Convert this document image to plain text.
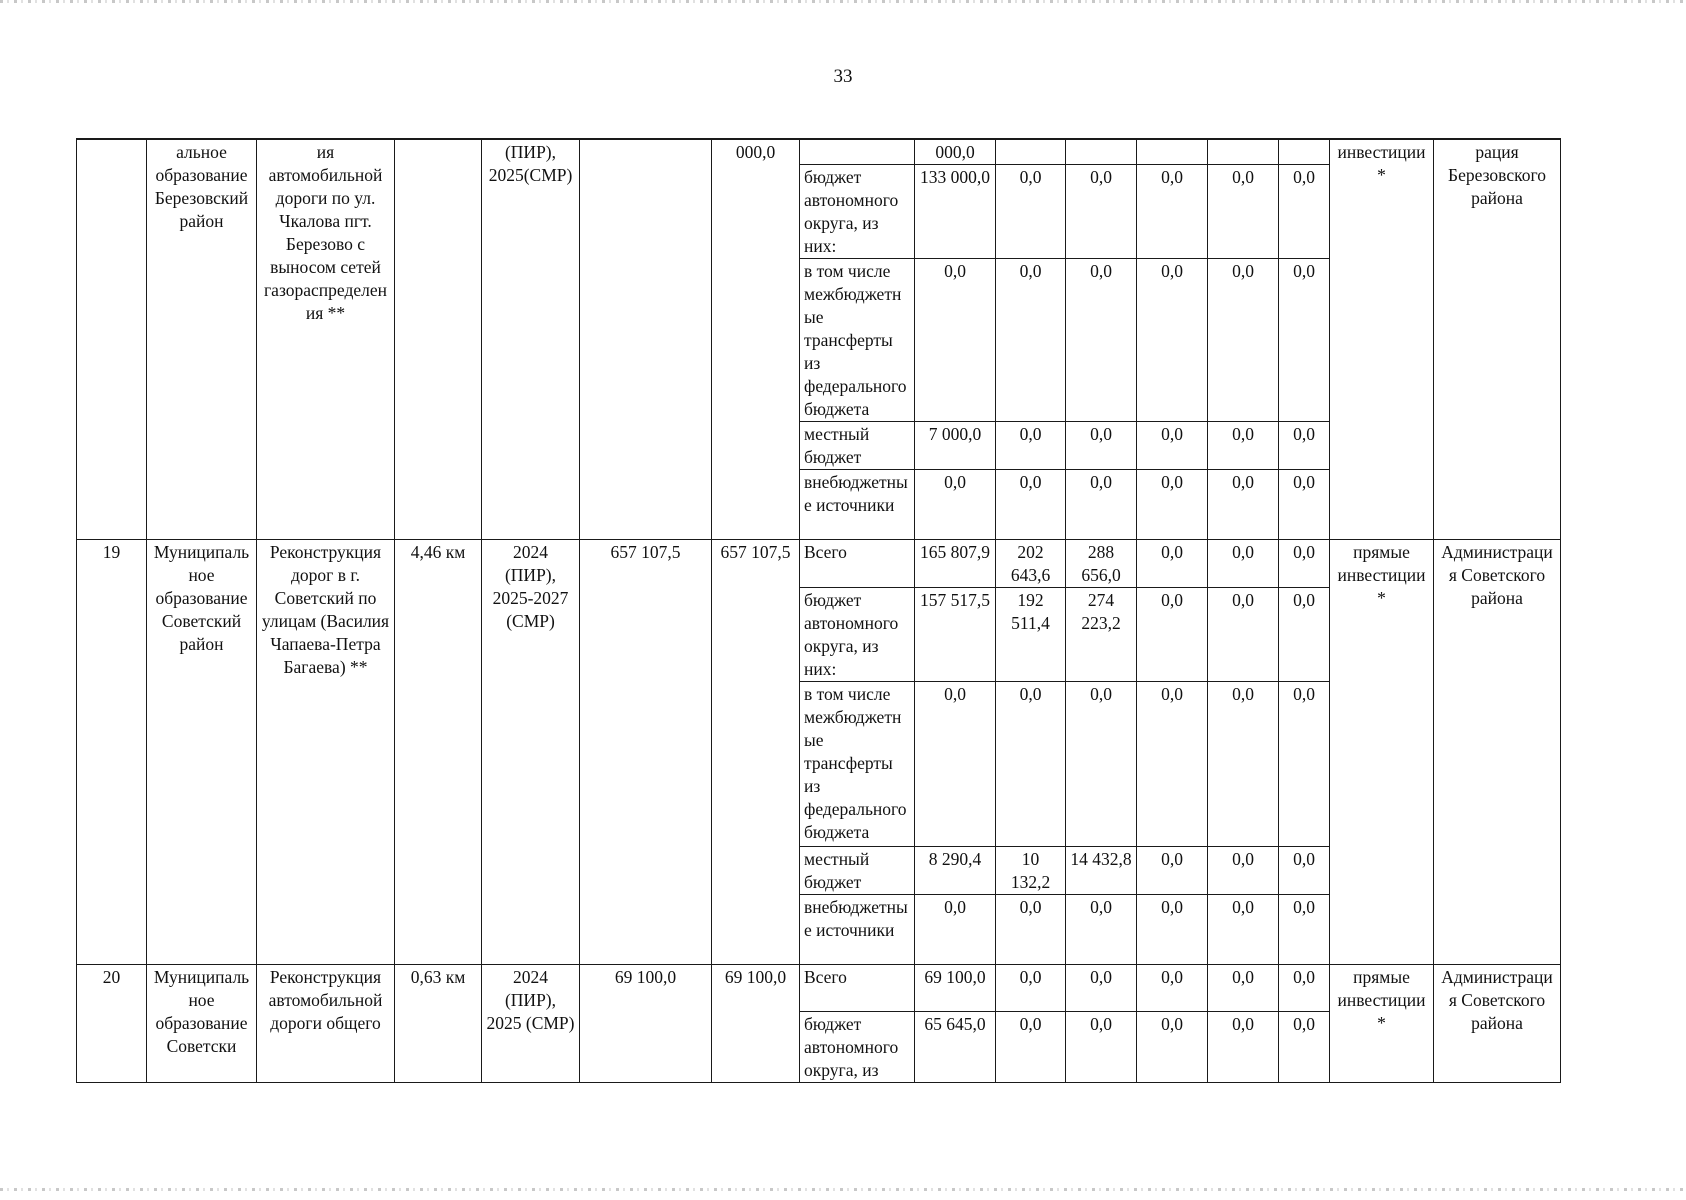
33
	альное образование Березовский район	ия автомобильной дороги по ул. Чкалова пгт. Березово с выносом сетей газораспределения **		(ПИР), 2025(СМР)		000,0		000,0						инвестиции *	рация Березовского района
							бюджет автономного округа, из них:	133 000,0	0,0	0,0	0,0	0,0	0,0		
							в том числе межбюджетные трансферты из федерального бюджета	0,0	0,0	0,0	0,0	0,0	0,0		
							местный бюджет	7 000,0	0,0	0,0	0,0	0,0	0,0		
							внебюджетные источники	0,0	0,0	0,0	0,0	0,0	0,0		
19	Муниципальное образование Советский район	Реконструкция дорог в г. Советский по улицам (Василия Чапаева-Петра Багаева) **	4,46 км	2024 (ПИР), 2025-2027 (СМР)	657 107,5	657 107,5	Всего	165 807,9	202 643,6	288 656,0	0,0	0,0	0,0	прямые инвестиции *	Администрация Советского района
							бюджет автономного округа, из них:	157 517,5	192 511,4	274 223,2	0,0	0,0	0,0		
							в том числе межбюджетные трансферты из федерального бюджета	0,0	0,0	0,0	0,0	0,0	0,0		
							местный бюджет	8 290,4	10 132,2	14 432,8	0,0	0,0	0,0		
							внебюджетные источники	0,0	0,0	0,0	0,0	0,0	0,0		
20	Муниципальное образование Советски	Реконструкция автомобильной дороги общего	0,63 км	2024 (ПИР), 2025 (СМР)	69 100,0	69 100,0	Всего	69 100,0	0,0	0,0	0,0	0,0	0,0	прямые инвестиции *	Администрация Советского района
							бюджет автономного округа, из	65 645,0	0,0	0,0	0,0	0,0	0,0		
